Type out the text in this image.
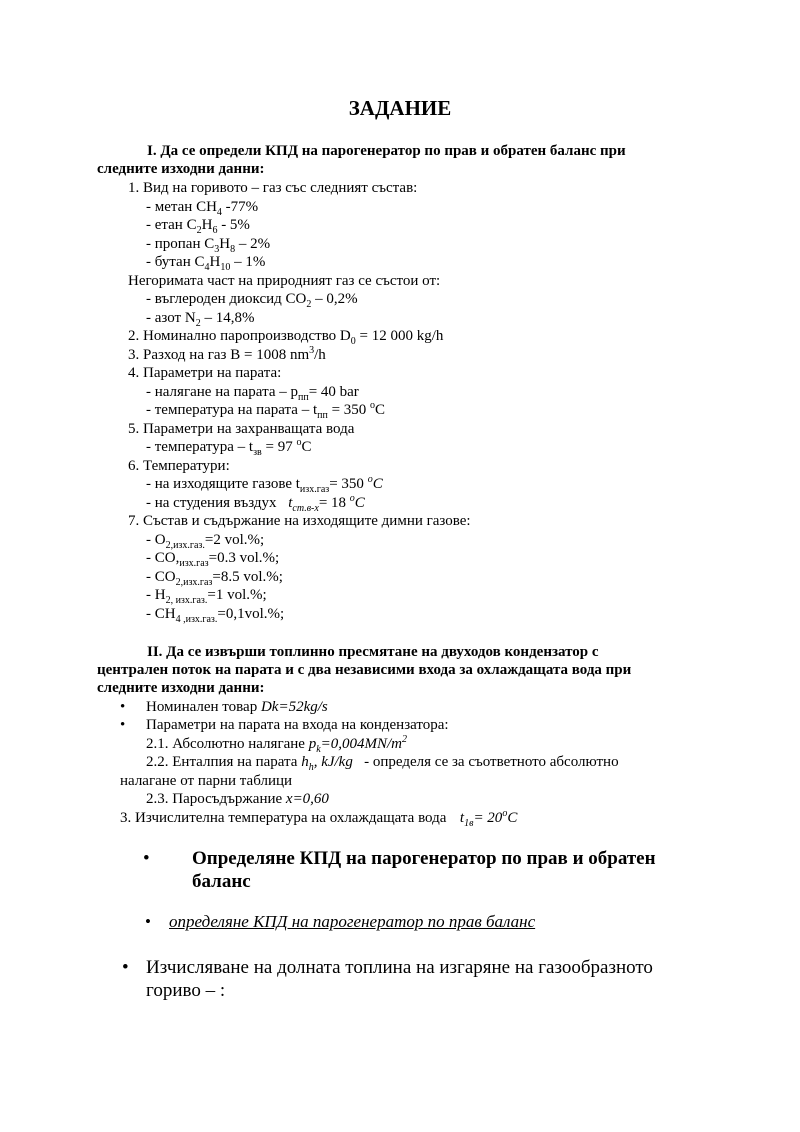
ЗАДАНИЕ
I. Да се определи КПД на парогенератор по прав и обратен баланс при
следните изходни данни:
1. Вид на горивото – газ със следният състав:
- метан $CH_4$ -77%
- етан $C_2H_6 - 5\%$
- пропан $C_3H_8 - 2\%$
- бутан $C_4H_{10} - 1\%$
Негоримата част на природният газ се състои от:
- въглероден диоксид $CO_2 - 0,2\%$
- азот $N_2 - 14,8\%$
2. Номинално паропроизводство $D_0 = 12$ 000 kg/h
3. Разход на газ B = 1008 $nm^3/h$
4. Параметри на парата:
- налягане на парата – $p_{пп}= 40$ bar
- температура на парата – $t_{пп} = 350$ $^o$C
5. Параметри на захранващата вода
- температура – $t_{зв} = 97$ $^o$C
6. Температури:
- на изходящите газове $t_{изх.газ}= 350$ $^o$C
- на студения въздух $t_{ст.в-х}= 18$ $^o$C
7. Състав и съдържание на изходящите димни газове:
- $O_{2,изх.газ.}=2$ vol.%;
- $CO,_{изх.газ}=0.3$ vol.%;
- $CO_{2,изх.газ}=8.5$ vol.%;
- $H_{2, изх.газ.}=1$ vol.%;
- $CH_{4 ,изх.газ.}=0,1vol.\%$;
II. Да се извърши топлинно пресмятане на двуходов кондензатор с
централен поток на парата и с два независими входа за охлаждащата вода при
следните изходни данни:
• Номинален товар Dk=52kg/s
• Параметри на парата на входа на кондензатора:
2.1. Абсолютно налягане $p_k=0,004MN/m^2$
2.2. Енталпия на парата $h_h$, kJ/kg   - определя се за съответното абсолютно
налагане от парни таблици
2.3. Паросъдържание x=0,60
3. Изчислителна температура на охлаждащата вода  $t_{1в}= 20^oC$
• Определяне КПД на парогенератор по прав и обратен
баланс
• определяне КПД на парогенератор по прав баланс
• Изчисляване на долната топлина на изгаряне на газообразното
гориво – :
